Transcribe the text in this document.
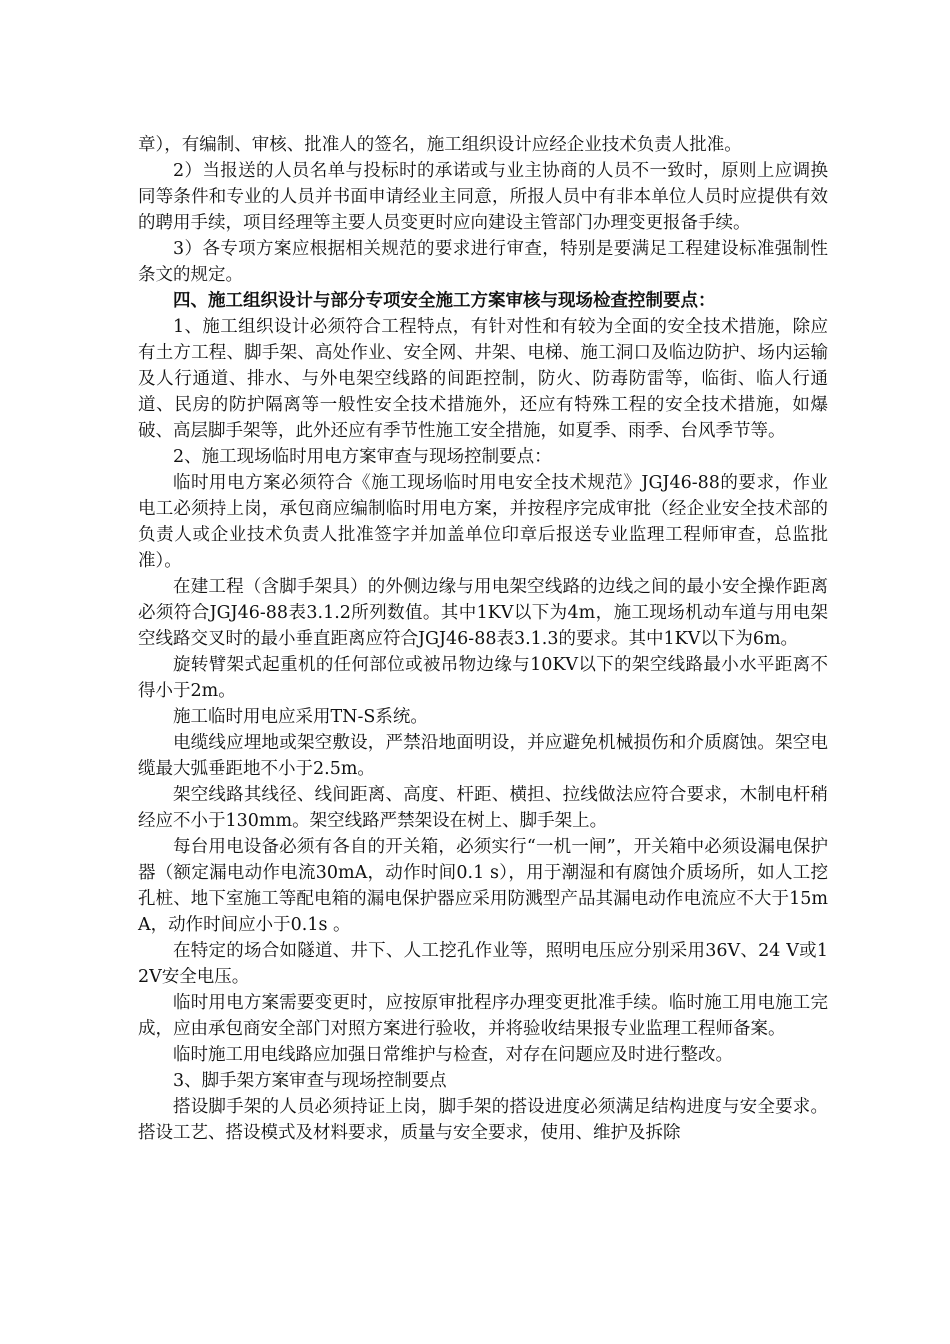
章），有编制、审核、批准人的签名，施工组织设计应经企业技术负责人批准。

2）当报送的人员名单与投标时的承诺或与业主协商的人员不一致时，原则上应调换同等条件和专业的人员并书面申请经业主同意，所报人员中有非本单位人员时应提供有效的聘用手续，项目经理等主要人员变更时应向建设主管部门办理变更报备手续。

3）各专项方案应根据相关规范的要求进行审查，特别是要满足工程建设标准强制性条文的规定。

四、施工组织设计与部分专项安全施工方案审核与现场检查控制要点：

1、施工组织设计必须符合工程特点，有针对性和有较为全面的安全技术措施，除应有土方工程、脚手架、高处作业、安全网、井架、电梯、施工洞口及临边防护、场内运输及人行通道、排水、与外电架空线路的间距控制，防火、防毒防雷等，临街、临人行通道、民房的防护隔离等一般性安全技术措施外，还应有特殊工程的安全技术措施，如爆破、高层脚手架等，此外还应有季节性施工安全措施，如夏季、雨季、台风季节等。

2、施工现场临时用电方案审查与现场控制要点：

临时用电方案必须符合《施工现场临时用电安全技术规范》JGJ46-88的要求，作业电工必须持上岗，承包商应编制临时用电方案，并按程序完成审批（经企业安全技术部的负责人或企业技术负责人批准签字并加盖单位印章后报送专业监理工程师审查，总监批准）。

在建工程（含脚手架具）的外侧边缘与用电架空线路的边线之间的最小安全操作距离必须符合JGJ46-88表3.1.2所列数值。其中1KV以下为4m，施工现场机动车道与用电架空线路交叉时的最小垂直距离应符合JGJ46-88表3.1.3的要求。其中1KV以下为6m。

旋转臂架式起重机的任何部位或被吊物边缘与10KV以下的架空线路最小水平距离不得小于2m。

施工临时用电应采用TN-S系统。

电缆线应埋地或架空敷设，严禁沿地面明设，并应避免机械损伤和介质腐蚀。架空电缆最大弧垂距地不小于2.5m。

架空线路其线径、线间距离、高度、杆距、横担、拉线做法应符合要求，木制电杆稍经应不小于130mm。架空线路严禁架设在树上、脚手架上。

每台用电设备必须有各自的开关箱，必须实行“一机一闸”，开关箱中必须设漏电保护器（额定漏电动作电流30mA，动作时间0.1 s），用于潮湿和有腐蚀介质场所，如人工挖孔桩、地下室施工等配电箱的漏电保护器应采用防溅型产品其漏电动作电流应不大于15mA，动作时间应小于0.1s 。

在特定的场合如隧道、井下、人工挖孔作业等，照明电压应分别采用36V、24 V或12V安全电压。

临时用电方案需要变更时，应按原审批程序办理变更批准手续。临时施工用电施工完成，应由承包商安全部门对照方案进行验收，并将验收结果报专业监理工程师备案。

临时施工用电线路应加强日常维护与检查，对存在问题应及时进行整改。

3、脚手架方案审查与现场控制要点

搭设脚手架的人员必须持证上岗，脚手架的搭设进度必须满足结构进度与安全要求。搭设工艺、搭设模式及材料要求，质量与安全要求，使用、维护及拆除
